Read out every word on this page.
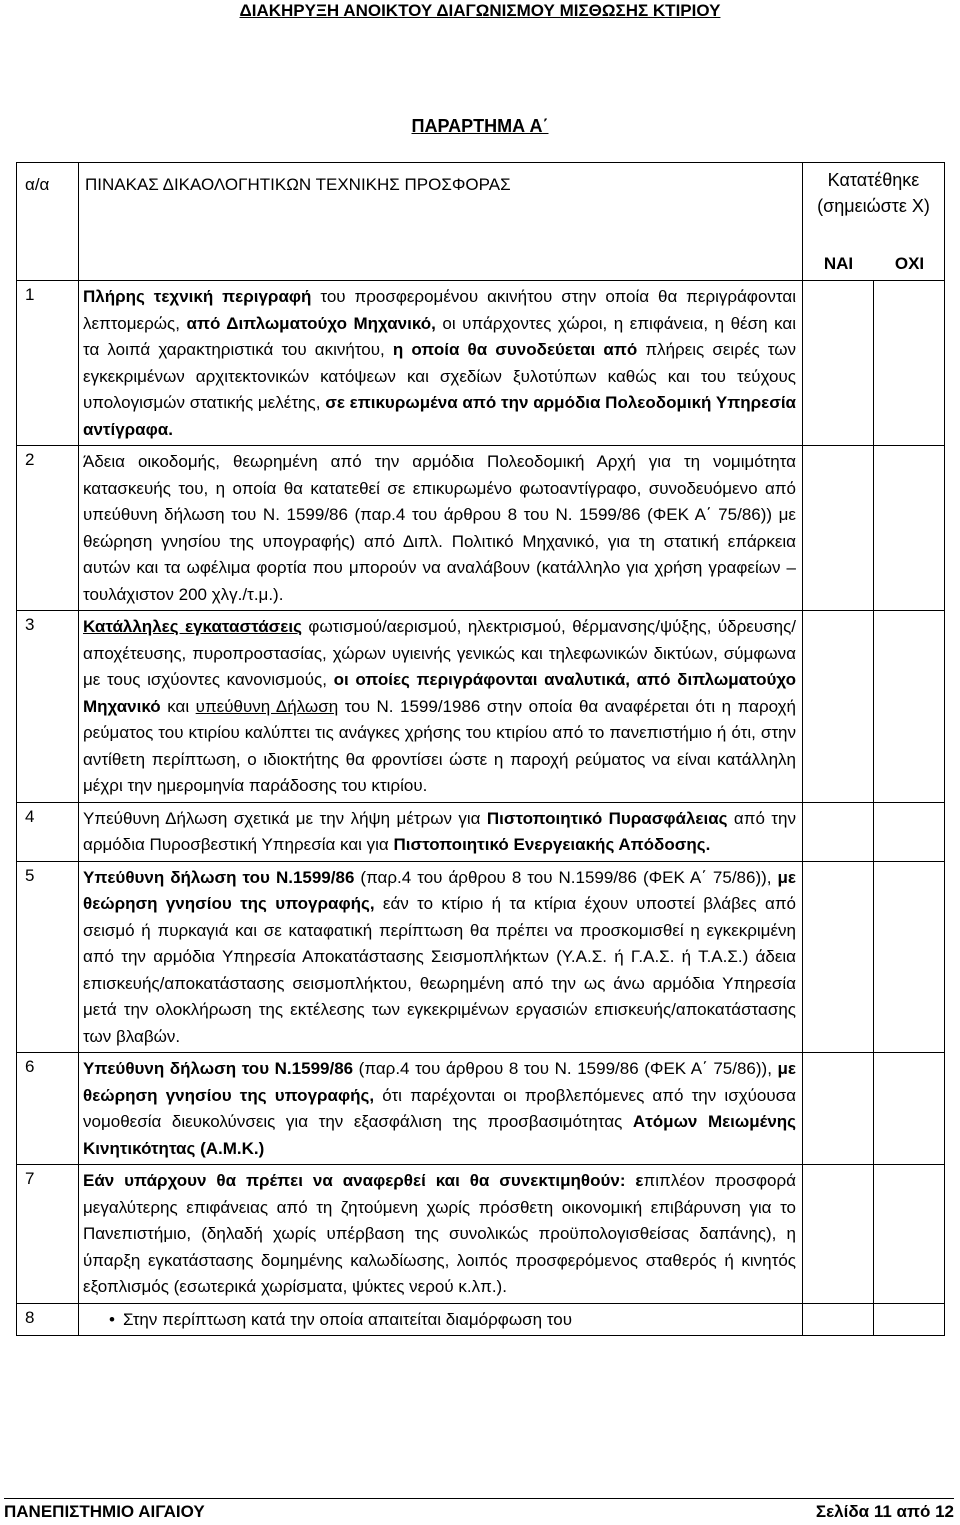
ΔΙΑΚΗΡΥΞΗ ΑΝΟΙΚΤΟΥ ΔΙΑΓΩΝΙΣΜΟΥ ΜΙΣΘΩΣΗΣ ΚΤΙΡΙΟΥ
ΠΑΡΑΡΤΗΜΑ Α΄
α/α	ΠΙΝΑΚΑΣ ΔΙΚΑΟΛΟΓΗΤΙΚΩΝ ΤΕΧΝΙΚΗΣ ΠΡΟΣΦΟΡΑΣ	Κατατέθηκε
(σημειώστε Χ)
ΝΑΙ ΟΧΙ	

1	Πλήρης τεχνική περιγραφή του προσφερομένου ακινήτου στην οποία θα περιγράφονται λεπτομερώς, από Διπλωματούχο Μηχανικό, οι υπάρχοντες χώροι, η επιφάνεια, η θέση και τα λοιπά χαρακτηριστικά του ακινήτου, η οποία θα συνοδεύεται από πλήρεις σειρές των εγκεκριμένων αρχιτεκτονικών κατόψεων και σχεδίων ξυλοτύπων καθώς και του τεύχους υπολογισμών στατικής μελέτης, σε επικυρωμένα από την αρμόδια Πολεοδομική Υπηρεσία αντίγραφα.		
2	Άδεια οικοδομής, θεωρημένη από την αρμόδια Πολεοδομική Αρχή για τη νομιμότητα κατασκευής του, η οποία θα κατατεθεί σε επικυρωμένο φωτοαντίγραφο, συνοδευόμενο από υπεύθυνη δήλωση του Ν. 1599/86 (παρ.4 του άρθρου 8 του Ν. 1599/86 (ΦΕΚ Α΄ 75/86)) με θεώρηση γνησίου της υπογραφής) από Διπλ. Πολιτικό Μηχανικό, για τη στατική επάρκεια αυτών και τα ωφέλιμα φορτία που μπορούν να αναλάβουν (κατάλληλο για χρήση γραφείων – τουλάχιστον 200 χλγ./τ.μ.).		
3	Κατάλληλες εγκαταστάσεις φωτισμού/αερισμού, ηλεκτρισμού, θέρμανσης/ψύξης, ύδρευσης/αποχέτευσης, πυροπροστασίας, χώρων υγιεινής γενικώς και τηλεφωνικών δικτύων, σύμφωνα με τους ισχύοντες κανονισμούς, οι οποίες περιγράφονται αναλυτικά, από διπλωματούχο Μηχανικό και υπεύθυνη Δήλωση του Ν. 1599/1986 στην οποία θα αναφέρεται ότι η παροχή ρεύματος του κτιρίου καλύπτει τις ανάγκες χρήσης του κτιρίου από το πανεπιστήμιο ή ότι, στην αντίθετη περίπτωση, ο ιδιοκτήτης θα φροντίσει ώστε η παροχή ρεύματος να είναι κατάλληλη μέχρι την ημερομηνία παράδοσης του κτιρίου.		
4	Υπεύθυνη Δήλωση σχετικά με την λήψη μέτρων για Πιστοποιητικό Πυρασφάλειας από την αρμόδια Πυροσβεστική Υπηρεσία και για Πιστοποιητικό Ενεργειακής Απόδοσης.		
5	Υπεύθυνη δήλωση του Ν.1599/86 (παρ.4 του άρθρου 8 του Ν.1599/86 (ΦΕΚ Α΄ 75/86)), με θεώρηση γνησίου της υπογραφής, εάν το κτίριο ή τα κτίρια έχουν υποστεί βλάβες από σεισμό ή πυρκαγιά και σε καταφατική περίπτωση θα πρέπει να προσκομισθεί η εγκεκριμένη από την αρμόδια Υπηρεσία Αποκατάστασης Σεισμοπλήκτων (Υ.Α.Σ. ή Γ.Α.Σ. ή Τ.Α.Σ.) άδεια επισκευής/αποκατάστασης σεισμοπλήκτου, θεωρημένη από την ως άνω αρμόδια Υπηρεσία μετά την ολοκλήρωση της εκτέλεσης των εγκεκριμένων εργασιών επισκευής/αποκατάστασης των βλαβών.		
6	Υπεύθυνη δήλωση του Ν.1599/86 (παρ.4 του άρθρου 8 του Ν. 1599/86 (ΦΕΚ Α΄ 75/86)), με θεώρηση γνησίου της υπογραφής, ότι παρέχονται οι προβλεπόμενες από την ισχύουσα νομοθεσία διευκολύνσεις για την εξασφάλιση της προσβασιμότητας Ατόμων Μειωμένης Κινητικότητας (Α.Μ.Κ.)		
7	Εάν υπάρχουν θα πρέπει να αναφερθεί και θα συνεκτιμηθούν: επιπλέον προσφορά μεγαλύτερης επιφάνειας από τη ζητούμενη χωρίς πρόσθετη οικονομική επιβάρυνση για το Πανεπιστήμιο, (δηλαδή χωρίς υπέρβαση της συνολικώς προϋπολογισθείσας δαπάνης), η ύπαρξη εγκατάστασης δομημένης καλωδίωσης, λοιπός προσφερόμενος σταθερός ή κινητός εξοπλισμός (εσωτερικά χωρίσματα, ψύκτες νερού κ.λπ.).		
8	• Στην περίπτωση κατά την οποία απαιτείται διαμόρφωση του		
ΠΑΝΕΠΙΣΤΗΜΙΟ ΑΙΓΑΙΟΥ	Σελίδα 11 από 12
